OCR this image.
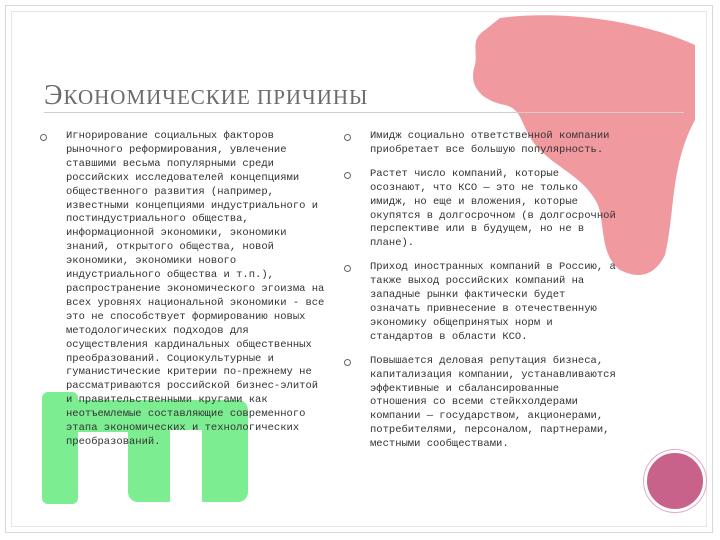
ЭКОНОМИЧЕСКИЕ ПРИЧИНЫ
Игнорирование социальных факторов рыночного реформирования, увлечение ставшими весьма популярными среди российских исследователей концепциями общественного развития (например, известными концепциями индустриального и постиндустриального общества, информационной экономики, экономики знаний, открытого общества, новой экономики, экономики нового индустриального общества и т.п.), распространение экономического эгоизма на всех уровнях национальной экономики - все это не способствует формированию новых методологических подходов для осуществления кардинальных общественных преобразований. Социокультурные и гуманистические критерии по-прежнему не рассматриваются российской бизнес-элитой и правительственными кругами как неотъемлемые составляющие современного этапа экономических и технологических преобразований.
Имидж социально ответственной компании приобретает все большую популярность.
Растет число компаний, которые осознают, что КСО — это не только имидж, но еще и вложения, которые окупятся в долгосрочном (в долгосрочной перспективе или в будущем, но не в плане).
Приход иностранных компаний в Россию, а также выход российских компаний на западные рынки фактически будет означать привнесение в отечественную экономику общепринятых норм и стандартов в области КСО.
Повышается деловая репутация бизнеса, капитализация компании, устанавливаются эффективные и сбалансированные отношения со всеми стейкхолдерами компании — государством, акционерами, потребителями, персоналом, партнерами, местными сообществами.
